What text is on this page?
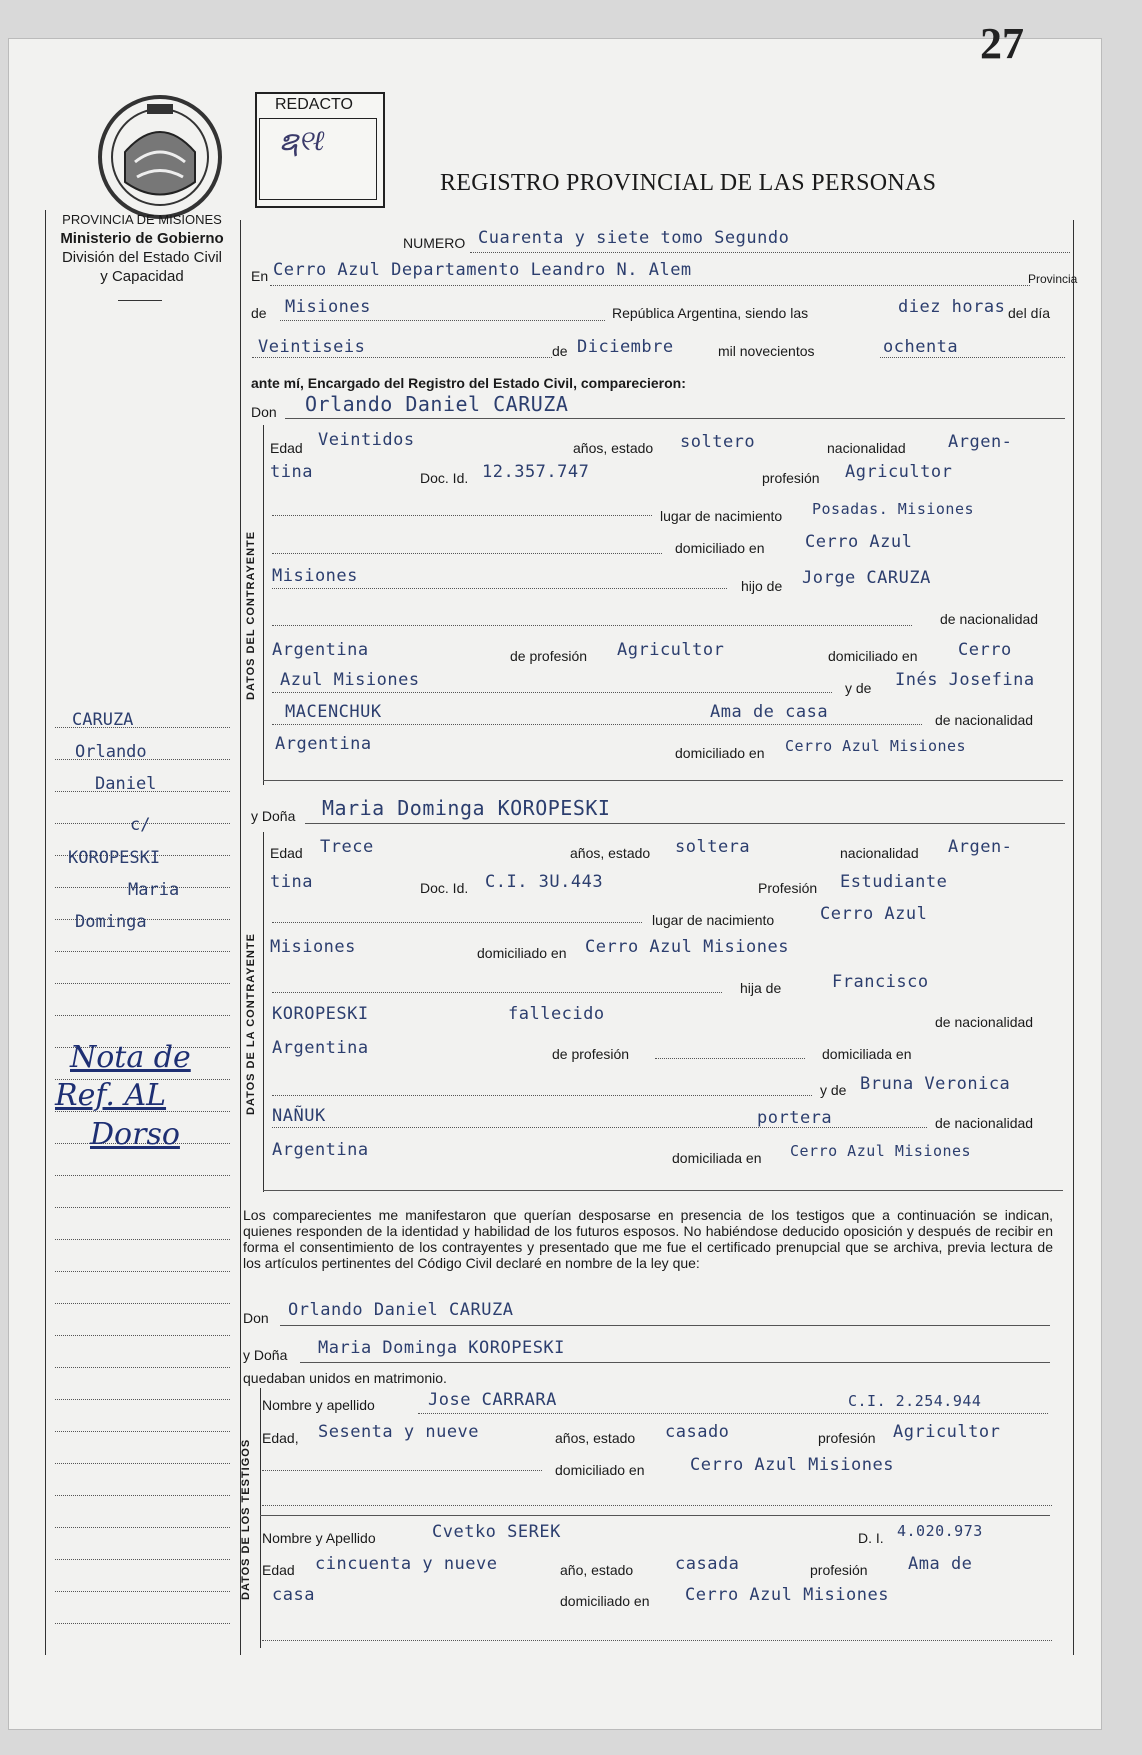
27
PROVINCIA DE MISIONES
Ministerio de Gobierno
División del Estado Civil
y Capacidad
REDACTO
ຊ୧ℓ
REGISTRO PROVINCIAL DE LAS PERSONAS
NUMERO Cuarenta y siete tomo Segundo
En Cerro Azul Departamento Leandro N. Alem	Provincia
de Misiones	República Argentina, siendo las	diez horas del día
Veintiseis	de Diciembre	mil novecientos	ochenta
ante mí, Encargado del Registro del Estado Civil, comparecieron:
Don Orlando Daniel CARUZA
DATOS DEL CONTRAYENTE
Edad Veintidos	años, estado soltero	nacionalidad Argen-
tina	Doc. Id. 12.357.747	profesión Agricultor
lugar de nacimiento Posadas. Misiones
domiciliado en Cerro Azul
Misiones	hijo de Jorge CARUZA
de nacionalidad
Argentina	de profesión Agricultor	domiciliado en Cerro
Azul Misiones	y de Inés Josefina
MACENCHUK	Ama de casa	de nacionalidad
Argentina	domiciliado en Cerro Azul Misiones
y Doña Maria Dominga KOROPESKI
DATOS DE LA CONTRAYENTE
Edad Trece	años, estado soltera	nacionalidad Argen-
tina	Doc. Id. C.I. 3U.443	Profesión Estudiante
lugar de nacimiento	Cerro Azul
Misiones	domiciliado en Cerro Azul Misiones
hija de	Francisco
KOROPESKI	fallecido	de nacionalidad
Argentina	de profesión	domiciliada en
y de Bruna Veronica
NAÑUK	portera	de nacionalidad
Argentina	domiciliada en Cerro Azul Misiones
CARUZA
Orlando
Daniel
c/
KOROPESKI
Maria
Dominga
Nota de
Ref. AL
Dorso
Los comparecientes me manifestaron que querían desposarse en presencia de los testigos que a continuación se indican, quienes responden de la identidad y habilidad de los futuros esposos. No habiéndose deducido oposición y después de recibir en forma el consentimiento de los contrayentes y presentado que me fue el certificado prenupcial que se archiva, previa lectura de los artículos pertinentes del Código Civil declaré en nombre de la ley que:
Don Orlando Daniel CARUZA
y Doña Maria Dominga KOROPESKI
quedaban unidos en matrimonio.
DATOS DE LOS TESTIGOS
Nombre y apellido	Jose CARRARA	C.I. 2.254.944
Edad, Sesenta y nueve	años, estado casado	profesión Agricultor
domiciliado en	Cerro Azul Misiones
Nombre y Apellido	Cvetko SEREK	D. I. 4.020.973
Edad cincuenta y nueve	año, estado casada	profesión Ama de
casa	domiciliado en Cerro Azul Misiones
